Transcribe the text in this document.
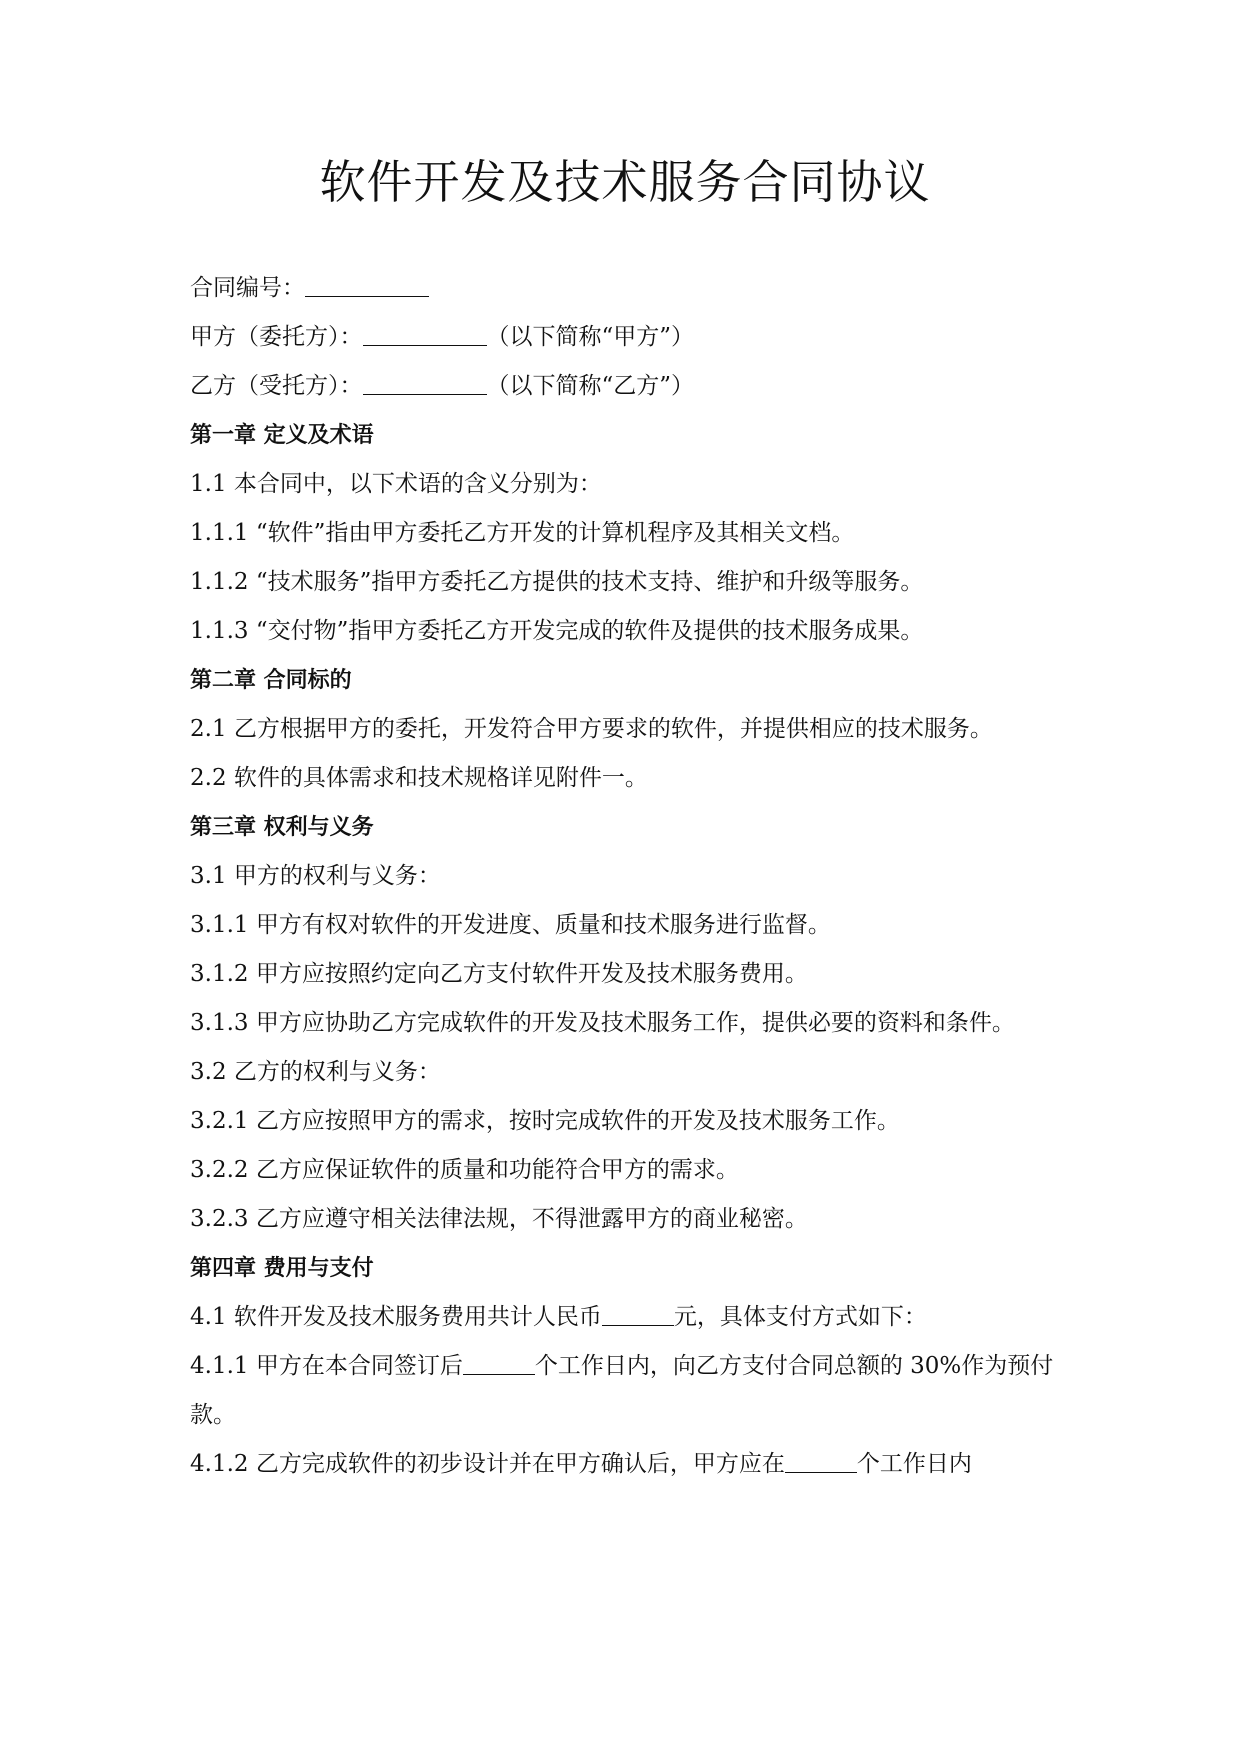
软件开发及技术服务合同协议

合同编号：

甲方（委托方）：	（以下简称“甲方”）

乙方（受托方）：	（以下简称“乙方”）

第一章 定义及术语

1.1 本合同中，以下术语的含义分别为：

1.1.1 “软件”指由甲方委托乙方开发的计算机程序及其相关文档。

1.1.2 “技术服务”指甲方委托乙方提供的技术支持、维护和升级等服务。

1.1.3 “交付物”指甲方委托乙方开发完成的软件及提供的技术服务成果。

第二章 合同标的

2.1 乙方根据甲方的委托，开发符合甲方要求的软件，并提供相应的技术服务。

2.2 软件的具体需求和技术规格详见附件一。

第三章 权利与义务

3.1 甲方的权利与义务：

3.1.1 甲方有权对软件的开发进度、质量和技术服务进行监督。

3.1.2 甲方应按照约定向乙方支付软件开发及技术服务费用。

3.1.3 甲方应协助乙方完成软件的开发及技术服务工作，提供必要的资料和条件。

3.2 乙方的权利与义务：

3.2.1 乙方应按照甲方的需求，按时完成软件的开发及技术服务工作。

3.2.2 乙方应保证软件的质量和功能符合甲方的需求。

3.2.3 乙方应遵守相关法律法规，不得泄露甲方的商业秘密。

第四章 费用与支付

4.1 软件开发及技术服务费用共计人民币	元，具体支付方式如下：

4.1.1 甲方在本合同签订后	个工作日内，向乙方支付合同总额的 30%作为预付款。

4.1.2 乙方完成软件的初步设计并在甲方确认后，甲方应在	个工作日内
